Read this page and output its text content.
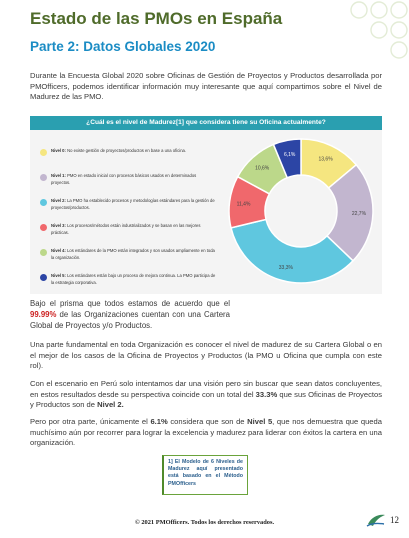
Estado de las PMOs en España
Parte 2: Datos Globales 2020
Durante la Encuesta Global 2020 sobre Oficinas de Gestión de Proyectos y Productos desarrollada por PMOfficers, podemos identificar información muy interesante que aquí compartimos sobre el Nivel de Madurez de las PMO.
¿Cuál es el nivel de Madurez[1] que considera tiene su Oficina actualmente?
Nivel 0: No existe gestión de proyectos/productos en base a una oficina.
Nivel 1: PMO en estado inicial con procesos básicos usados en determinados proyectos.
Nivel 2: La PMO ha establecido procesos y metodologías estándares para la gestión de proyectos/productos.
Nivel 3: Los procesos/métodos están industrializados y se basan en las mejores prácticas.
Nivel 4: Los estándares de la PMO están integrados y son usados ampliamente en toda la organización.
Nivel 5: Los estándares están bajo un proceso de mejora continua. La PMO participa de la estrategia corporativa.
13,6%
22,7%
33,3%
11,4%
10,6%
6,1%
Bajo el prisma que todos estamos de acuerdo que el 99.99% de las Organizaciones cuentan con una Cartera Global de Proyectos y/o Productos.
Una parte fundamental en toda Organización es conocer el nivel de madurez de su Cartera Global o en el mejor de los casos de la Oficina de Proyectos y Productos (la PMO u Oficina que cumpla con este rol).
Con el escenario en Perú solo intentamos dar una visión pero sin buscar que sean datos concluyentes, en estos resultados desde su perspectiva coincide con un total del 33.3% que sus Oficinas de Proyectos y Productos son de Nivel 2.
Pero por otra parte, únicamente el 6.1% considera que son de Nivel 5, que nos demuestra que queda muchísimo aún por recorrer para lograr la excelencia y madurez para liderar con éxitos la cartera en una organización.
1] El Modelo de 6 Niveles de Madurez aquí presentado está basado en el Método PMOfficers
© 2021 PMOfficers. Todos los derechos reservados.	12
